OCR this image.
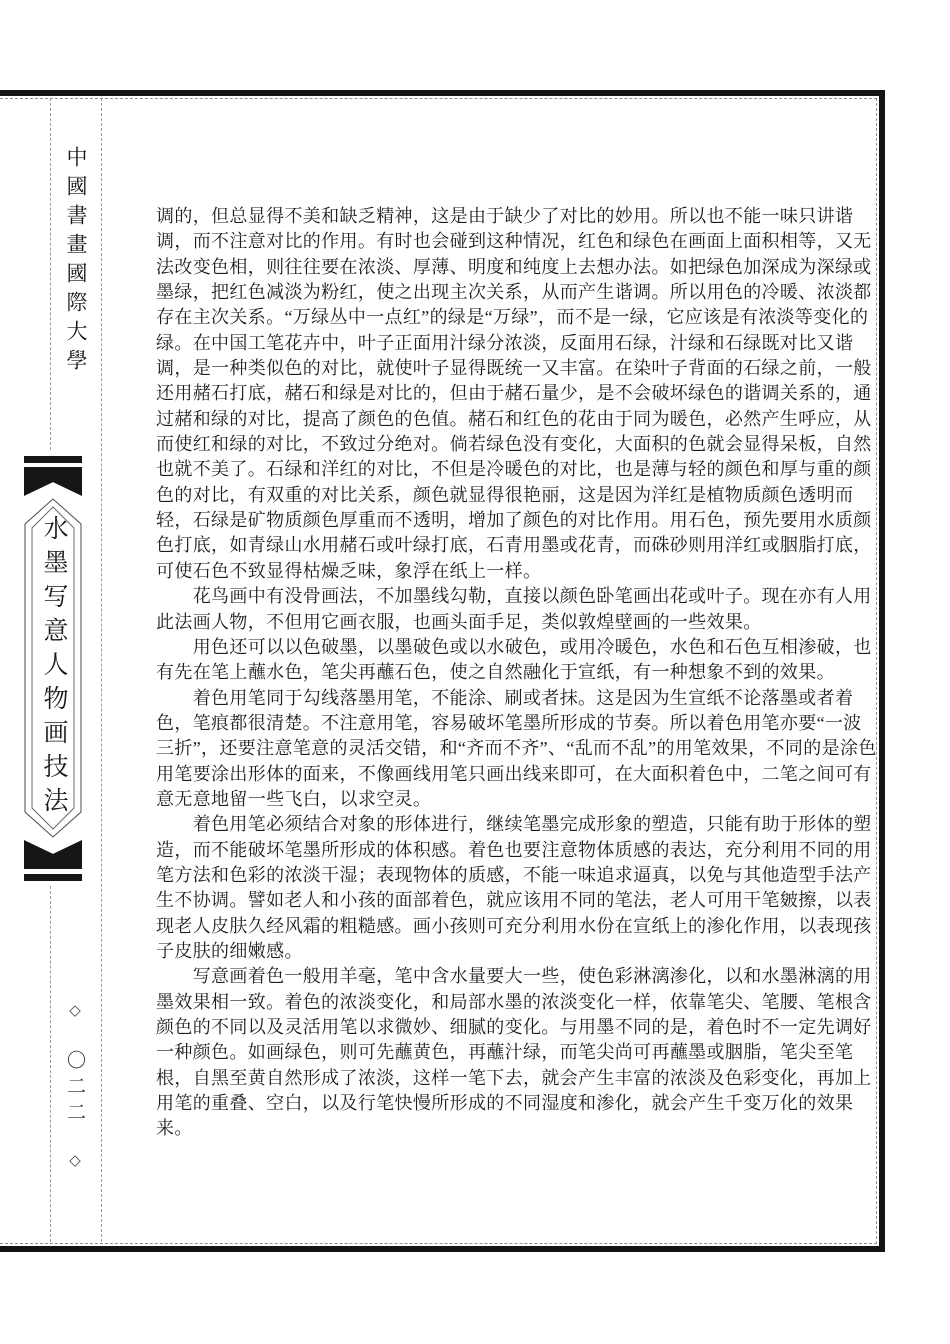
中國書畫國際大學
水墨写意人物画技法
◇ 〇二二 ◇
调的，但总显得不美和缺乏精神，这是由于缺少了对比的妙用。所以也不能一味只讲谐
调，而不注意对比的作用。有时也会碰到这种情况，红色和绿色在画面上面积相等，又无
法改变色相，则往往要在浓淡、厚薄、明度和纯度上去想办法。如把绿色加深成为深绿或
墨绿，把红色减淡为粉红，使之出现主次关系，从而产生谐调。所以用色的冷暖、浓淡都
存在主次关系。“万绿丛中一点红”的绿是“万绿”，而不是一绿，它应该是有浓淡等变化的
绿。在中国工笔花卉中，叶子正面用汁绿分浓淡，反面用石绿，汁绿和石绿既对比又谐
调，是一种类似色的对比，就使叶子显得既统一又丰富。在染叶子背面的石绿之前，一般
还用赭石打底，赭石和绿是对比的，但由于赭石量少，是不会破坏绿色的谐调关系的，通
过赭和绿的对比，提高了颜色的色值。赭石和红色的花由于同为暖色，必然产生呼应，从
而使红和绿的对比，不致过分绝对。倘若绿色没有变化，大面积的色就会显得呆板，自然
也就不美了。石绿和洋红的对比，不但是冷暖色的对比，也是薄与轻的颜色和厚与重的颜
色的对比，有双重的对比关系，颜色就显得很艳丽，这是因为洋红是植物质颜色透明而
轻，石绿是矿物质颜色厚重而不透明，增加了颜色的对比作用。用石色，预先要用水质颜
色打底，如青绿山水用赭石或叶绿打底，石青用墨或花青，而硃砂则用洋红或胭脂打底，
可使石色不致显得枯燥乏味，象浮在纸上一样。
　　花鸟画中有没骨画法，不加墨线勾勒，直接以颜色卧笔画出花或叶子。现在亦有人用
此法画人物，不但用它画衣服，也画头面手足，类似敦煌壁画的一些效果。
　　用色还可以以色破墨，以墨破色或以水破色，或用冷暖色，水色和石色互相渗破，也
有先在笔上蘸水色，笔尖再蘸石色，使之自然融化于宣纸，有一种想象不到的效果。
　　着色用笔同于勾线落墨用笔，不能涂、刷或者抹。这是因为生宣纸不论落墨或者着
色，笔痕都很清楚。不注意用笔，容易破坏笔墨所形成的节奏。所以着色用笔亦要“一波
三折”，还要注意笔意的灵活交错，和“齐而不齐”、“乱而不乱”的用笔效果，不同的是涂色
用笔要涂出形体的面来，不像画线用笔只画出线来即可，在大面积着色中，二笔之间可有
意无意地留一些飞白，以求空灵。
　　着色用笔必须结合对象的形体进行，继续笔墨完成形象的塑造，只能有助于形体的塑
造，而不能破坏笔墨所形成的体积感。着色也要注意物体质感的表达，充分利用不同的用
笔方法和色彩的浓淡干湿；表现物体的质感，不能一味追求逼真，以免与其他造型手法产
生不协调。譬如老人和小孩的面部着色，就应该用不同的笔法，老人可用干笔皴擦，以表
现老人皮肤久经风霜的粗糙感。画小孩则可充分利用水份在宣纸上的渗化作用，以表现孩
子皮肤的细嫩感。
　　写意画着色一般用羊毫，笔中含水量要大一些，使色彩淋漓渗化，以和水墨淋漓的用
墨效果相一致。着色的浓淡变化，和局部水墨的浓淡变化一样，依靠笔尖、笔腰、笔根含
颜色的不同以及灵活用笔以求微妙、细腻的变化。与用墨不同的是，着色时不一定先调好
一种颜色。如画绿色，则可先蘸黄色，再蘸汁绿，而笔尖尚可再蘸墨或胭脂，笔尖至笔
根，自黑至黄自然形成了浓淡，这样一笔下去，就会产生丰富的浓淡及色彩变化，再加上
用笔的重叠、空白，以及行笔快慢所形成的不同湿度和渗化，就会产生千变万化的效果
来。
